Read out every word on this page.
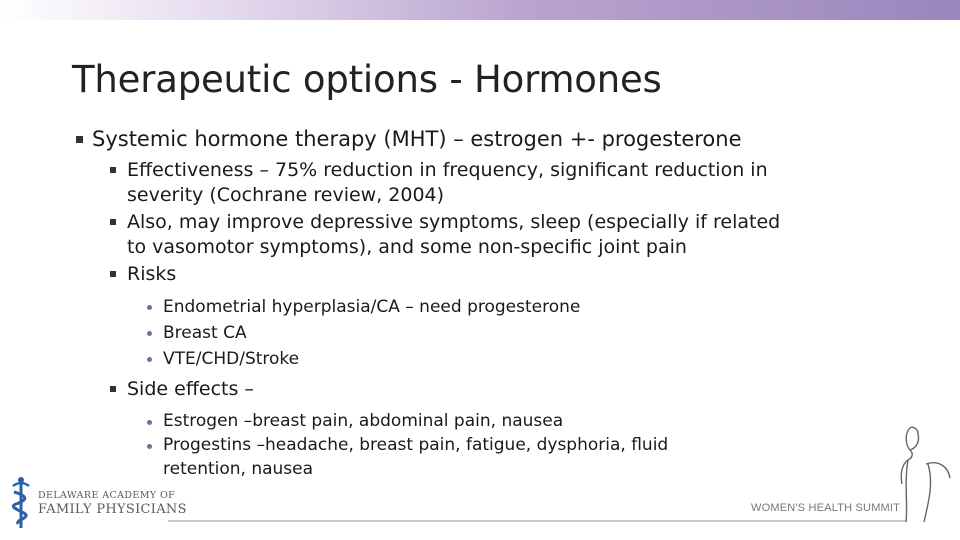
Therapeutic options - Hormones
Systemic hormone therapy (MHT) – estrogen +- progesterone
Effectiveness – 75% reduction in frequency, significant reduction in severity (Cochrane review, 2004)
Also, may improve depressive symptoms, sleep (especially if related to vasomotor symptoms), and some non-specific joint pain
Risks
Endometrial hyperplasia/CA – need progesterone
Breast CA
VTE/CHD/Stroke
Side effects –
Estrogen –breast pain, abdominal pain, nausea
Progestins –headache, breast pain, fatigue, dysphoria, fluid retention, nausea
DELAWARE ACADEMY OF
FAMILY PHYSICIANS	WOMEN'S HEALTH SUMMIT
